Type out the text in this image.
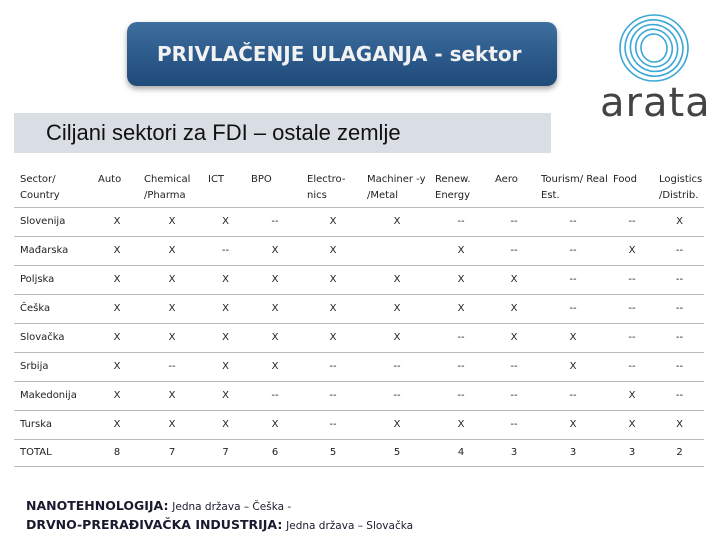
PRIVLAČENJE ULAGANJA - sektor
arata
Ciljani sektori za FDI – ostale zemlje
Sector/ Country	Auto	Chemical /Pharma	ICT	BPO	Electro- nics	Machiner -y /Metal	Renew. Energy	Aero	Tourism/ Real Est.	Food	Logistics /Distrib.
Slovenija	X	X	X	--	X	X	--	--	--	--	X
Mađarska	X	X	--	X	X		X	--	--	X	--
Poljska	X	X	X	X	X	X	X	X	--	--	--
Češka	X	X	X	X	X	X	X	X	--	--	--
Slovačka	X	X	X	X	X	X	--	X	X	--	--
Srbija	X	--	X	X	--	--	--	--	X	--	--
Makedonija	X	X	X	--	--	--	--	--	--	X	--
Turska	X	X	X	X	--	X	X	--	X	X	X
TOTAL	8	7	7	6	5	5	4	3	3	3	2
NANOTEHNOLOGIJA: Jedna država – Češka -
DRVNO-PRERAĐIVAČKA INDUSTRIJA: Jedna država – Slovačka
